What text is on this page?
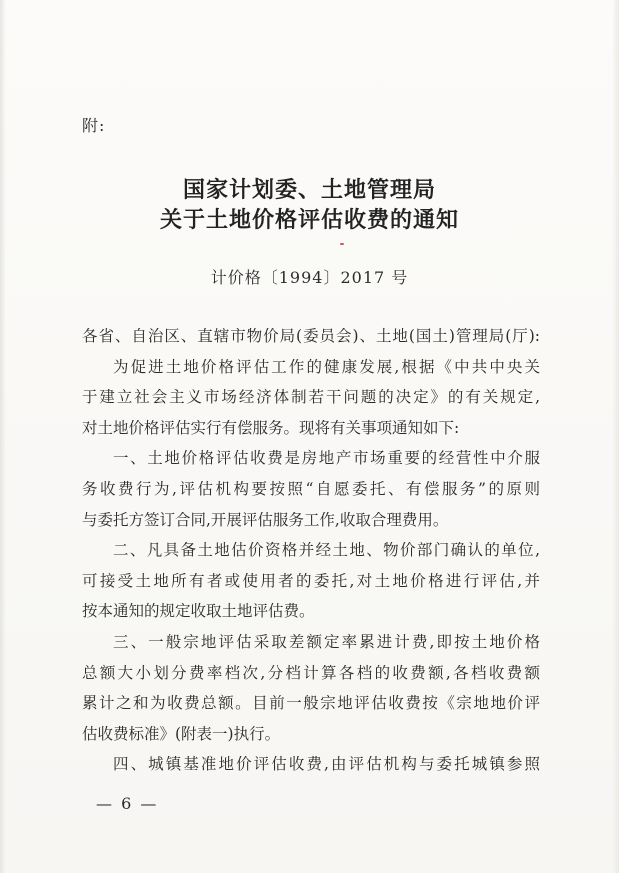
附:
国家计划委、土地管理局
关于土地价格评估收费的通知
计价格〔1994〕2017 号
各省、自治区、直辖市物价局(委员会)、土地(国土)管理局(厅):
为促进土地价格评估工作的健康发展,根据《中共中央关
于建立社会主义市场经济体制若干问题的决定》的有关规定,
对土地价格评估实行有偿服务。现将有关事项通知如下:
一、土地价格评估收费是房地产市场重要的经营性中介服
务收费行为,评估机构要按照“自愿委托、有偿服务”的原则
与委托方签订合同,开展评估服务工作,收取合理费用。
二、凡具备土地估价资格并经土地、物价部门确认的单位,
可接受土地所有者或使用者的委托,对土地价格进行评估,并
按本通知的规定收取土地评估费。
三、一般宗地评估采取差额定率累进计费,即按土地价格
总额大小划分费率档次,分档计算各档的收费额,各档收费额
累计之和为收费总额。目前一般宗地评估收费按《宗地地价评
估收费标准》(附表一)执行。
四、城镇基准地价评估收费,由评估机构与委托城镇参照
— 6 —
